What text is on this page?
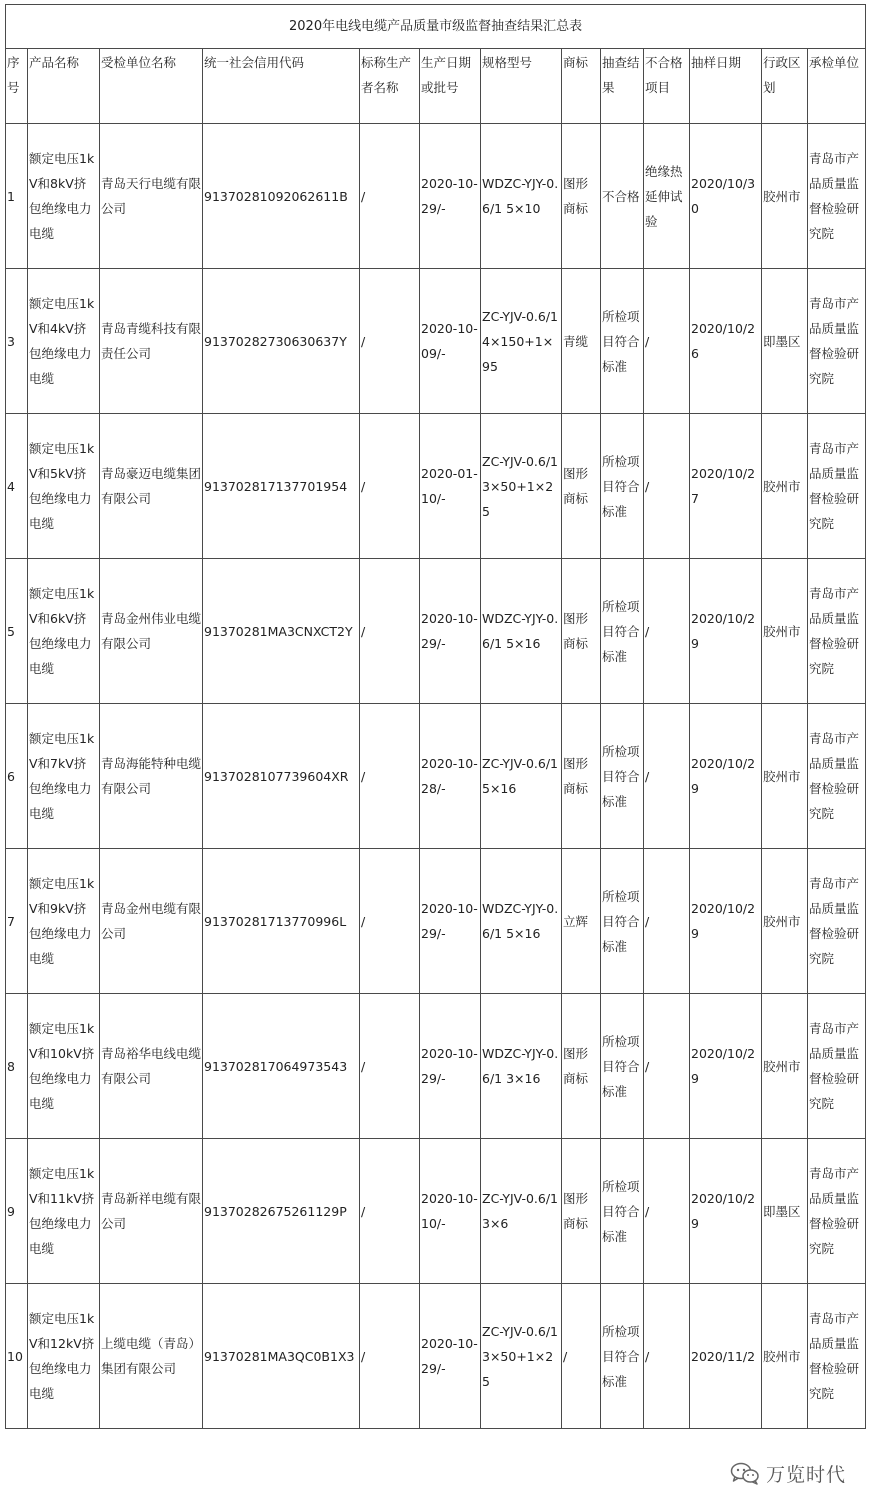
2020年电线电缆产品质量市级监督抽查结果汇总表												
序号	产品名称	受检单位名称	统一社会信用代码	标称生产者名称	生产日期或批号	规格型号	商标	抽查结果	不合格项目	抽样日期	行政区划	承检单位
1	额定电压1kV和8kV挤包绝缘电力电缆	青岛天行电缆有限公司	91370281092062611B	/	2020-10-29/-	WDZC-YJY-0.6/1 5×10	图形商标	不合格	绝缘热延伸试验	2020/10/30	胶州市	青岛市产品质量监督检验研究院
3	额定电压1kV和4kV挤包绝缘电力电缆	青岛青缆科技有限责任公司	91370282730630637Y	/	2020-10-09/-	ZC-YJV-0.6/1 4×150+1×95	青缆	所检项目符合标准	/	2020/10/26	即墨区	青岛市产品质量监督检验研究院
4	额定电压1kV和5kV挤包绝缘电力电缆	青岛豪迈电缆集团有限公司	913702817137701954	/	2020-01-10/-	ZC-YJV-0.6/1 3×50+1×25	图形商标	所检项目符合标准	/	2020/10/27	胶州市	青岛市产品质量监督检验研究院
5	额定电压1kV和6kV挤包绝缘电力电缆	青岛金州伟业电缆有限公司	91370281MA3CNXCT2Y	/	2020-10-29/-	WDZC-YJY-0.6/1 5×16	图形商标	所检项目符合标准	/	2020/10/29	胶州市	青岛市产品质量监督检验研究院
6	额定电压1kV和7kV挤包绝缘电力电缆	青岛海能特种电缆有限公司	913702810773960​4XR	/	2020-10-28/-	ZC-YJV-0.6/1 5×16	图形商标	所检项目符合标准	/	2020/10/29	胶州市	青岛市产品质量监督检验研究院
7	额定电压1kV和9kV挤包绝缘电力电缆	青岛金州电缆有限公司	91370281713770996L	/	2020-10-29/-	WDZC-YJY-0.6/1 5×16	立辉	所检项目符合标准	/	2020/10/29	胶州市	青岛市产品质量监督检验研究院
8	额定电压1kV和10kV挤包绝缘电力电缆	青岛裕华电线电缆有限公司	913702817064973543	/	2020-10-29/-	WDZC-YJY-0.6/1 3×16	图形商标	所检项目符合标准	/	2020/10/29	胶州市	青岛市产品质量监督检验研究院
9	额定电压1kV和11kV挤包绝缘电力电缆	青岛新祥电缆有限公司	91370282675261129P	/	2020-10-10/-	ZC-YJV-0.6/1 3×6	图形商标	所检项目符合标准	/	2020/10/29	即墨区	青岛市产品质量监督检验研究院
10	额定电压1kV和12kV挤包绝缘电力电缆	上缆电缆（青岛）集团有限公司	91370281MA3QC0B1X3	/	2020-10-29/-	ZC-YJV-0.6/1 3×50+1×25	/	所检项目符合标准	/	2020/11/2	胶州市	青岛市产品质量监督检验研究院
万览时代
